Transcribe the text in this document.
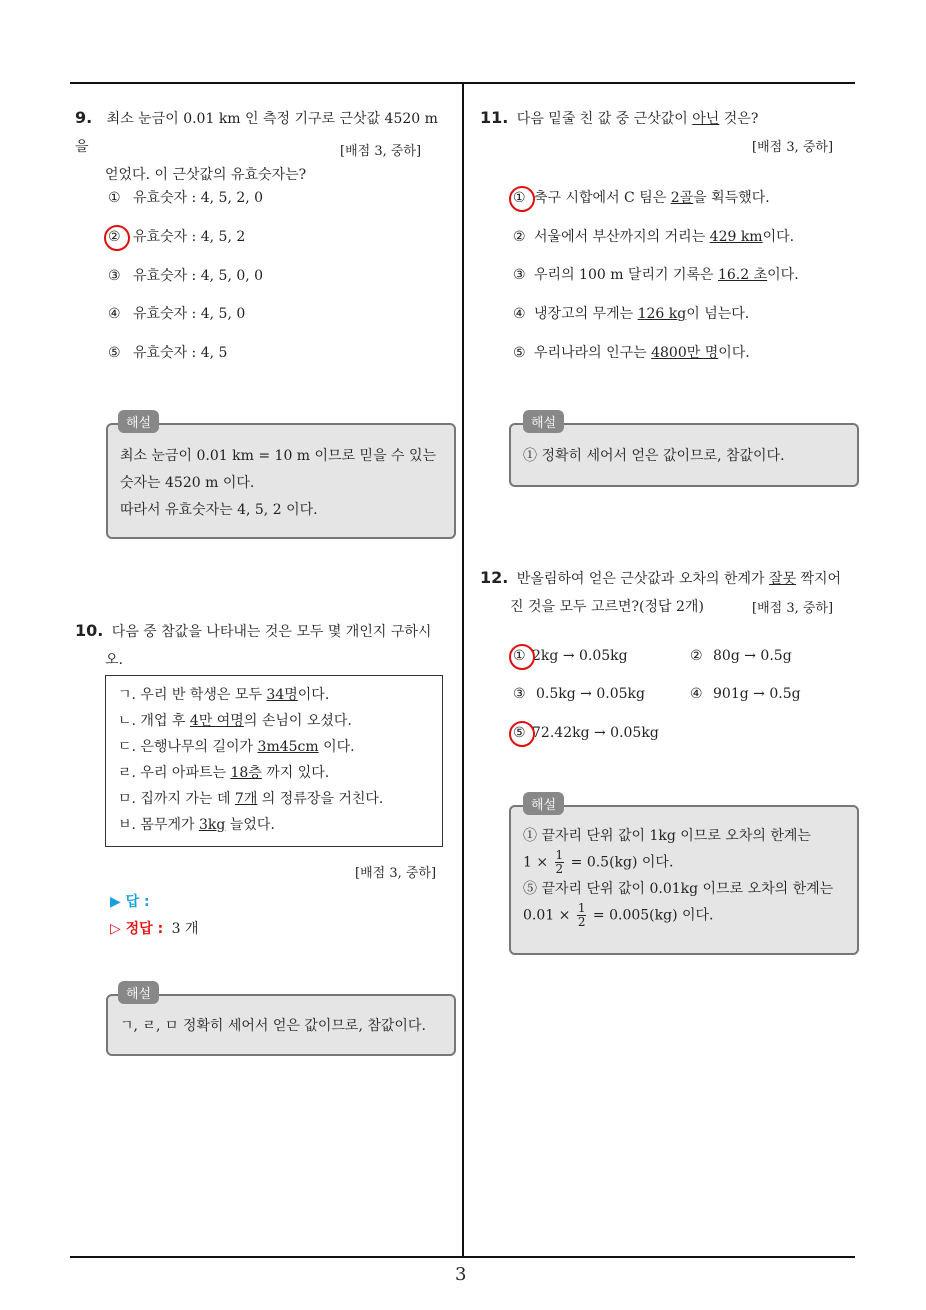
3
9. 최소 눈금이 0.01 km 인 측정 기구로 근삿값 4520 m 을
얻었다. 이 근삿값의 유효숫자는?
[배점 3, 중하]
① 유효숫자 : 4, 5, 2, 0
② 유효숫자 : 4, 5, 2
③ 유효숫자 : 4, 5, 0, 0
④ 유효숫자 : 4, 5, 0
⑤ 유효숫자 : 4, 5
최소 눈금이 0.01 km = 10 m 이므로 믿을 수 있는
숫자는 4520 m 이다.
따라서 유효숫자는 4, 5, 2 이다.
해설
10. 다음 중 참값을 나타내는 것은 모두 몇 개인지 구하시
오.
ㄱ. 우리 반 학생은 모두 34명이다.
ㄴ. 개업 후 4만 여명의 손님이 오셨다.
ㄷ. 은행나무의 길이가 3m45cm 이다.
ㄹ. 우리 아파트는 18층 까지 있다.
ㅁ. 집까지 가는 데 7개 의 정류장을 거친다.
ㅂ. 몸무게가 3kg 늘었다.
[배점 3, 중하]
▶ 답 :
▷ 정답 : 3 개
ㄱ, ㄹ, ㅁ 정확히 세어서 얻은 값이므로, 참값이다.
해설
11. 다음 밑줄 친 값 중 근삿값이 아닌 것은?
[배점 3, 중하]
① 축구 시합에서 C 팀은 2골을 획득했다.
② 서울에서 부산까지의 거리는 429 km이다.
③ 우리의 100 m 달리기 기록은 16.2 초이다.
④ 냉장고의 무게는 126 kg이 넘는다.
⑤ 우리나라의 인구는 4800만 명이다.
① 정확히 세어서 얻은 값이므로, 참값이다.
해설
12. 반올림하여 얻은 근삿값과 오차의 한계가 잘못 짝지어
진 것을 모두 고르면?(정답 2개)	[배점 3, 중하]
① 2kg → 0.05kg	② 80g → 0.5g
③ 0.5kg → 0.05kg	④ 901g → 0.5g
⑤ 72.42kg → 0.05kg
① 끝자리 단위 값이 1kg 이므로 오차의 한계는
$1 \times \frac{1}{2} = 0.5(kg)$ 이다.
⑤ 끝자리 단위 값이 0.01kg 이므로 오차의 한계는
$0.01 \times \frac{1}{2} = 0.005(kg)$ 이다.
해설
